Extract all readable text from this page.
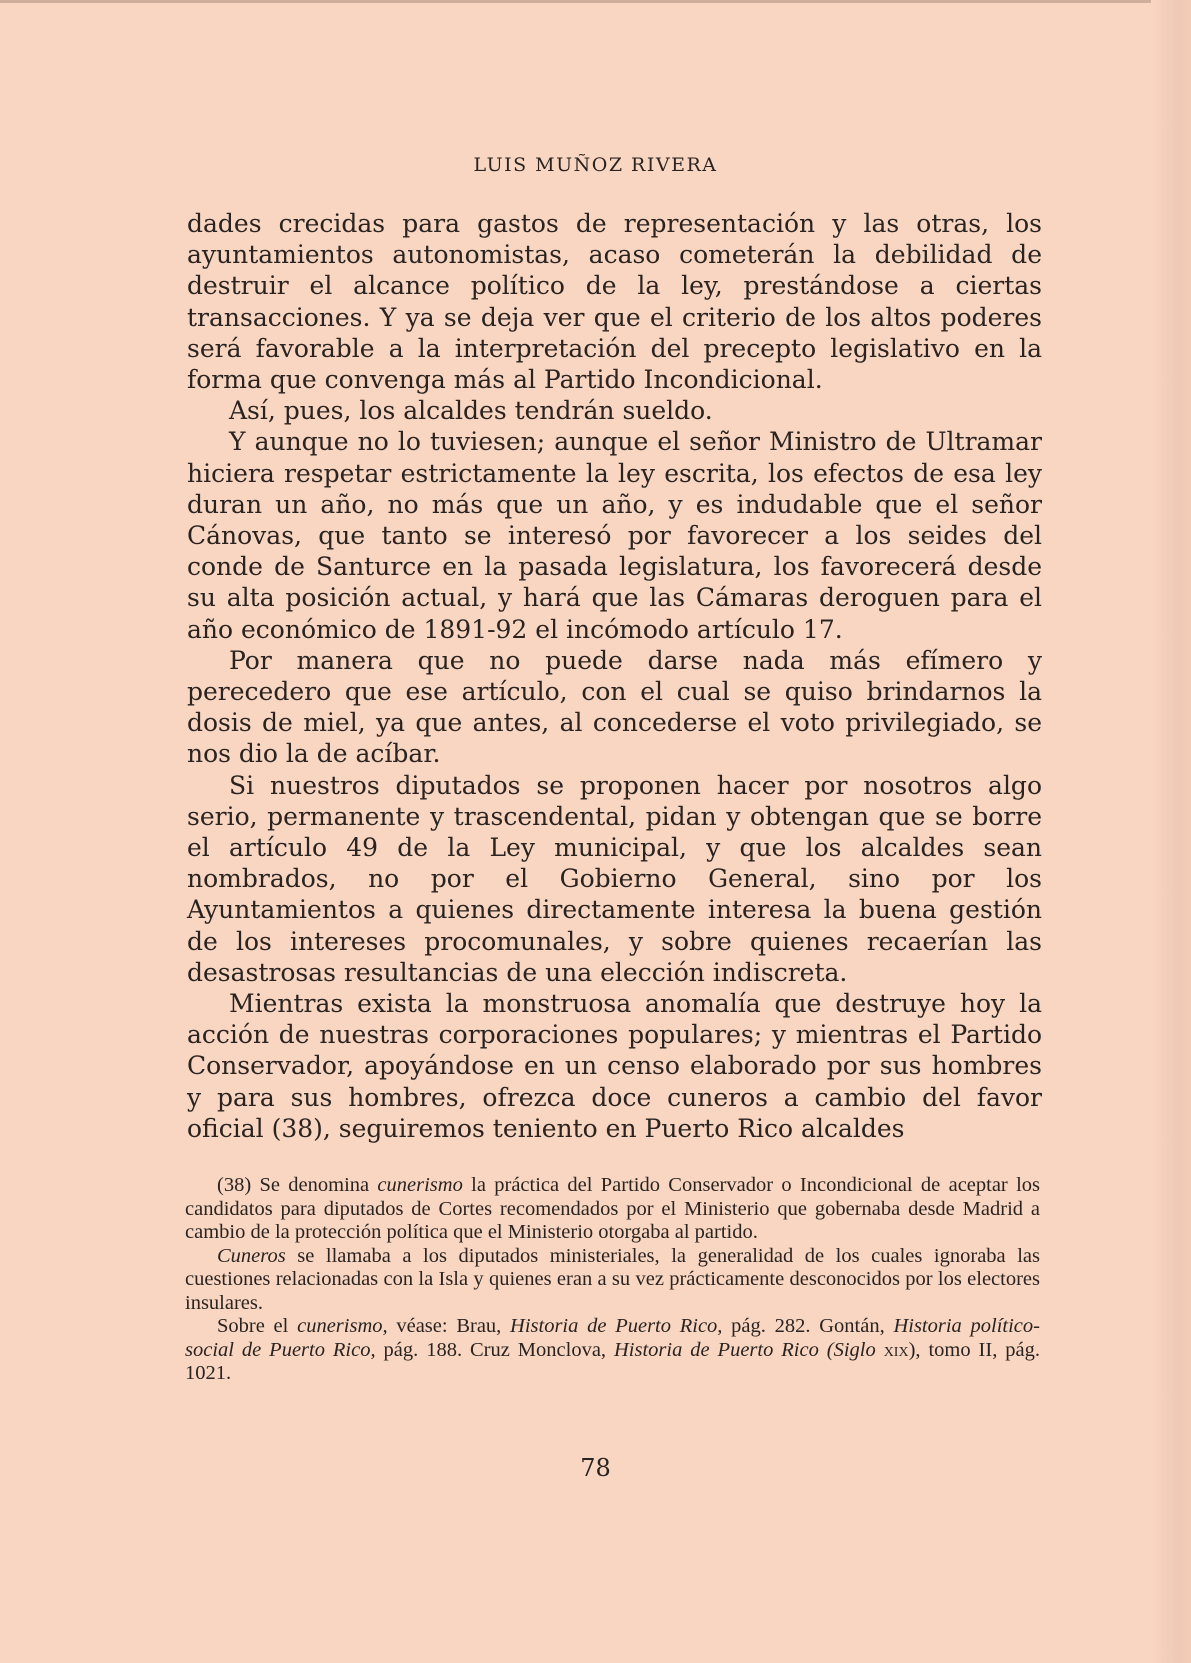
LUIS MUÑOZ RIVERA

dades crecidas para gastos de representación y las otras, los ayuntamientos autonomistas, acaso cometerán la debilidad de destruir el alcance político de la ley, prestándose a ciertas transacciones. Y ya se deja ver que el criterio de los altos poderes será favorable a la interpretación del precepto legislativo en la forma que convenga más al Partido Incondicional.

Así, pues, los alcaldes tendrán sueldo.

Y aunque no lo tuviesen; aunque el señor Ministro de Ultramar hiciera respetar estrictamente la ley escrita, los efectos de esa ley duran un año, no más que un año, y es indudable que el señor Cánovas, que tanto se interesó por favorecer a los seides del conde de Santurce en la pasada legislatura, los favorecerá desde su alta posición actual, y hará que las Cámaras deroguen para el año económico de 1891-92 el incómodo artículo 17.

Por manera que no puede darse nada más efímero y perecedero que ese artículo, con el cual se quiso brindarnos la dosis de miel, ya que antes, al concederse el voto privilegiado, se nos dio la de acíbar.

Si nuestros diputados se proponen hacer por nosotros algo serio, permanente y trascendental, pidan y obtengan que se borre el artículo 49 de la Ley municipal, y que los alcaldes sean nombrados, no por el Gobierno General, sino por los Ayuntamientos a quienes directamente interesa la buena gestión de los intereses procomunales, y sobre quienes recaerían las desastrosas resultancias de una elección indiscreta.

Mientras exista la monstruosa anomalía que destruye hoy la acción de nuestras corporaciones populares; y mientras el Partido Conservador, apoyándose en un censo elaborado por sus hombres y para sus hombres, ofrezca doce cuneros a cambio del favor oficial (38), seguiremos teniento en Puerto Rico alcaldes

(38) Se denomina cunerismo la práctica del Partido Conservador o Incondicional de aceptar los candidatos para diputados de Cortes recomendados por el Ministerio que gobernaba desde Madrid a cambio de la protección política que el Ministerio otorgaba al partido.

Cuneros se llamaba a los diputados ministeriales, la generalidad de los cuales ignoraba las cuestiones relacionadas con la Isla y quienes eran a su vez prácticamente desconocidos por los electores insulares.

Sobre el cunerismo, véase: Brau, Historia de Puerto Rico, pág. 282. Gontán, Historia político-social de Puerto Rico, pág. 188. Cruz Monclova, Historia de Puerto Rico (Siglo xix), tomo II, pág. 1021.

78
